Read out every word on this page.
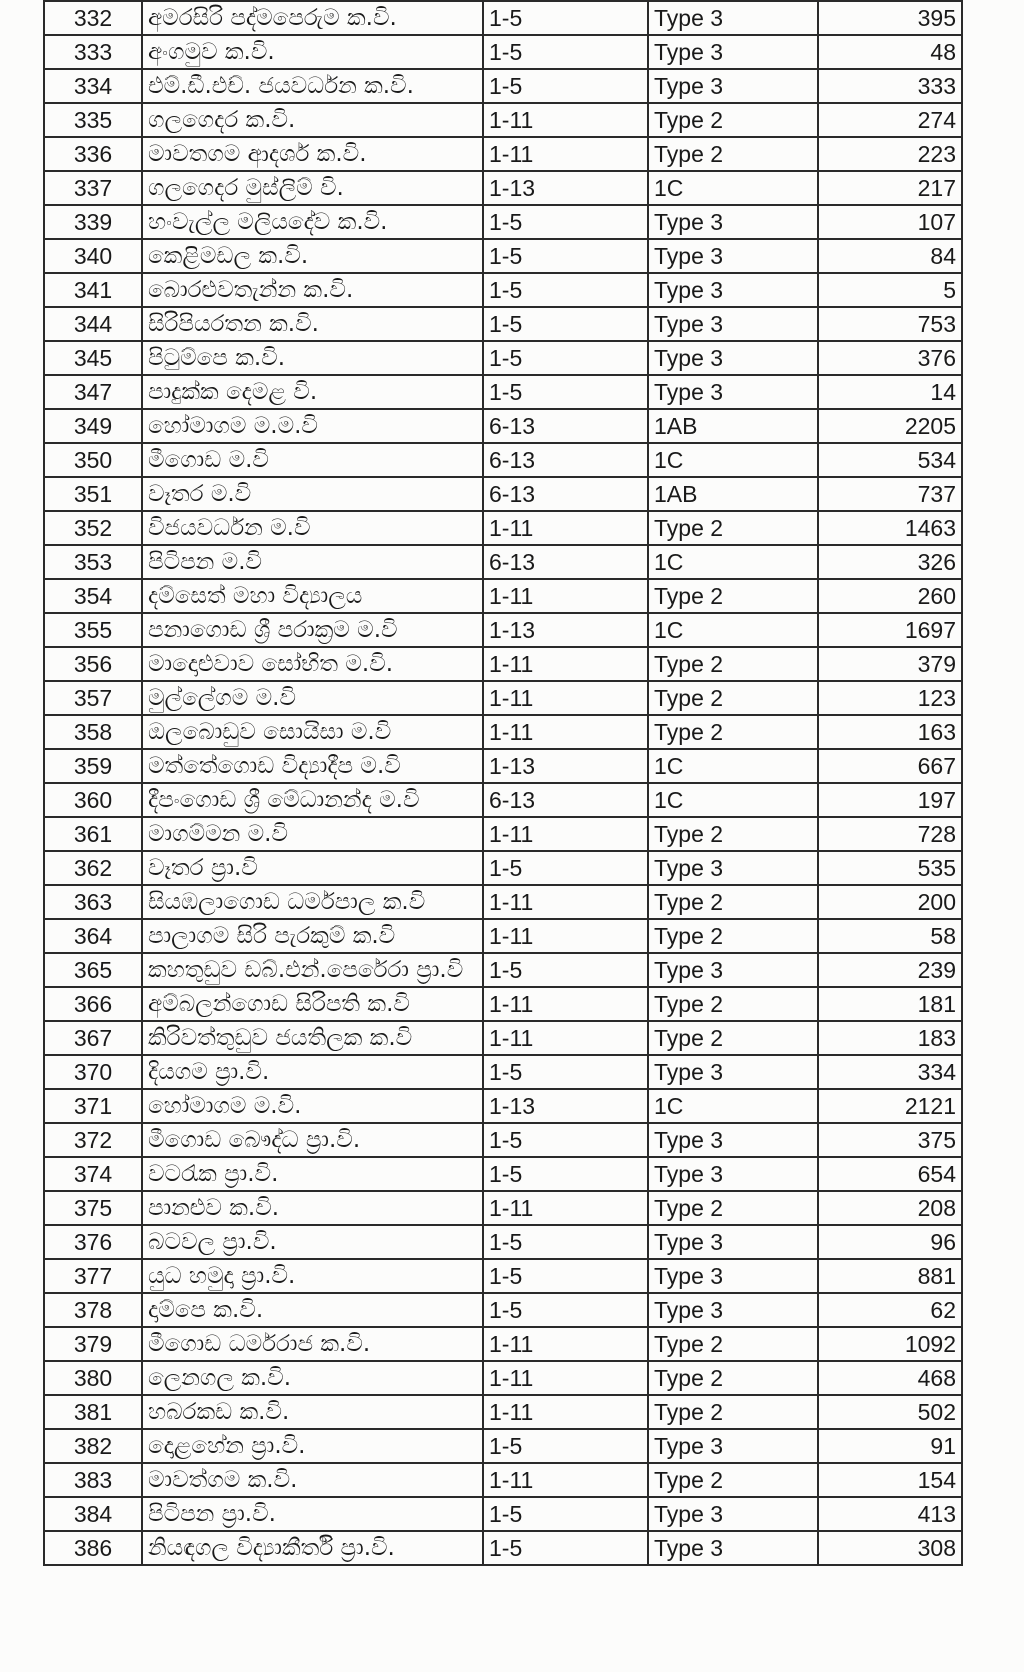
332	අමරසිරි පද්මපෙරුම ක.වි.	1-5	Type 3	395
333	අංගමුව ක.වි.	1-5	Type 3	48
334	එම්.ඩී.එච්. ජයවර්ධන ක.වි.	1-5	Type 3	333
335	ගලගෙදර ක.වි.	1-11	Type 2	274
336	මාවතගම ආදර්ශ ක.වි.	1-11	Type 2	223
337	ගලගෙදර මුස්ලිම් වි.	1-13	1C	217
339	හංවැල්ල මලියදේව ක.වි.	1-5	Type 3	107
340	කෙළිමඩල ක.වි.	1-5	Type 3	84
341	බොරළුවතැන්න ක.වි.	1-5	Type 3	5
344	සිරිපියරතන ක.වි.	1-5	Type 3	753
345	පිටුම්පෙ ක.වි.	1-5	Type 3	376
347	පාදුක්ක දෙමළ වි.	1-5	Type 3	14
349	හෝමාගම ම.ම.වි	6-13	1AB	2205
350	මීගොඩ ම.වි	6-13	1C	534
351	වෑතර ම.වි	6-13	1AB	737
352	විජයවර්ධන ම.වි	1-11	Type 2	1463
353	පිටිපන ම.වි	6-13	1C	326
354	දම්සෙත් මහා විද්‍යාලය	1-11	Type 2	260
355	පනාගොඩ ශ්‍රී පරාක්‍රම ම.වි	1-13	1C	1697
356	මාදොළුවාව සෝභිත ම.වි.	1-11	Type 2	379
357	මුල්ලේගම ම.වි	1-11	Type 2	123
358	ඔලබොඩුව සොයිසා ම.වි	1-11	Type 2	163
359	මත්තේගොඩ විද්‍යාදීප ම.වි	1-13	1C	667
360	දීපංගොඩ ශ්‍රී මේධානන්ද ම.වි	6-13	1C	197
361	මාගම්මන ම.වි	1-11	Type 2	728
362	වෑතර ප්‍රා.වි	1-5	Type 3	535
363	සියඹලාගොඩ ධර්මපාල ක.වි	1-11	Type 2	200
364	පාලාගම සිරි පැරකුම් ක.වි	1-11	Type 2	58
365	කහතුඩුව ඩබ්.එන්.පෙරේරා ප්‍රා.වි	1-5	Type 3	239
366	අම්බලන්ගොඩ සිරිපති ක.වි	1-11	Type 2	181
367	කිරිවත්තුඩුව ජයතිලක ක.වි	1-11	Type 2	183
370	දියගම ප්‍රා.වි.	1-5	Type 3	334
371	හෝමාගම ම.වි.	1-13	1C	2121
372	මීගොඩ බෞද්ධ ප්‍රා.වි.	1-5	Type 3	375
374	වටරැක ප්‍රා.වි.	1-5	Type 3	654
375	පානළුව ක.වි.	1-11	Type 2	208
376	බටවල ප්‍රා.වි.	1-5	Type 3	96
377	යුධ හමුදා ප්‍රා.වි.	1-5	Type 3	881
378	දාම්පෙ ක.වි.	1-5	Type 3	62
379	මීගොඩ ධර්මරාජ ක.වි.	1-11	Type 2	1092
380	ලෙනගල ක.වි.	1-11	Type 2	468
381	හබරකඩ ක.වි.	1-11	Type 2	502
382	දොළහේන ප්‍රා.වි.	1-5	Type 3	91
383	මාවත්ගම ක.වි.	1-11	Type 2	154
384	පිටිපන ප්‍රා.වි.	1-5	Type 3	413
386	නියඳගල විද්‍යාකීර්ති ප්‍රා.වි.	1-5	Type 3	308
